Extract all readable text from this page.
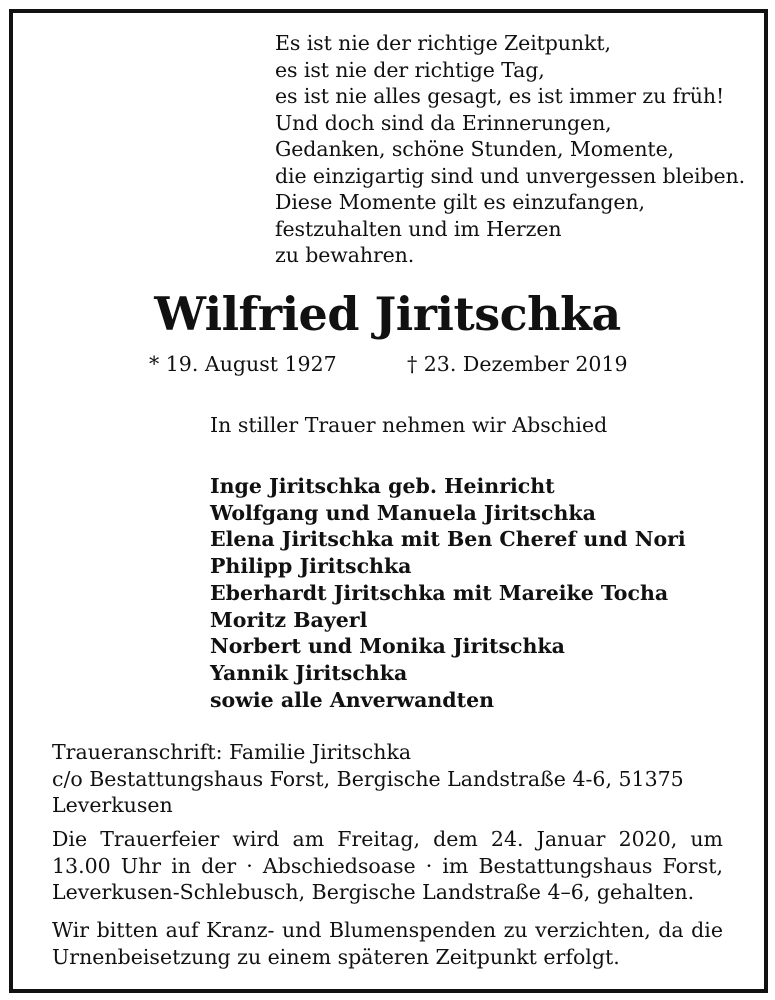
Es ist nie der richtige Zeitpunkt,
es ist nie der richtige Tag,
es ist nie alles gesagt, es ist immer zu früh!
Und doch sind da Erinnerungen,
Gedanken, schöne Stunden, Momente,
die einzigartig sind und unvergessen bleiben.
Diese Momente gilt es einzufangen,
festzuhalten und im Herzen
zu bewahren.
Wilfried Jiritschka
* 19. August 1927	† 23. Dezember 2019
In stiller Trauer nehmen wir Abschied
Inge Jiritschka geb. Heinricht
Wolfgang und Manuela Jiritschka
Elena Jiritschka mit Ben Cheref und Nori
Philipp Jiritschka
Eberhardt Jiritschka mit Mareike Tocha
Moritz Bayerl
Norbert und Monika Jiritschka
Yannik Jiritschka
sowie alle Anverwandten
Traueranschrift: Familie Jiritschka
c/o Bestattungshaus Forst, Bergische Landstraße 4-6, 51375
Leverkusen
Die Trauerfeier wird am Freitag, dem 24. Januar 2020, um 13.00 Uhr in der · Abschiedsoase · im Bestattungshaus Forst, Leverkusen-Schlebusch, Bergische Landstraße 4–6, gehalten.
Wir bitten auf Kranz- und Blumenspenden zu verzichten, da die Urnenbeisetzung zu einem späteren Zeitpunkt erfolgt.
